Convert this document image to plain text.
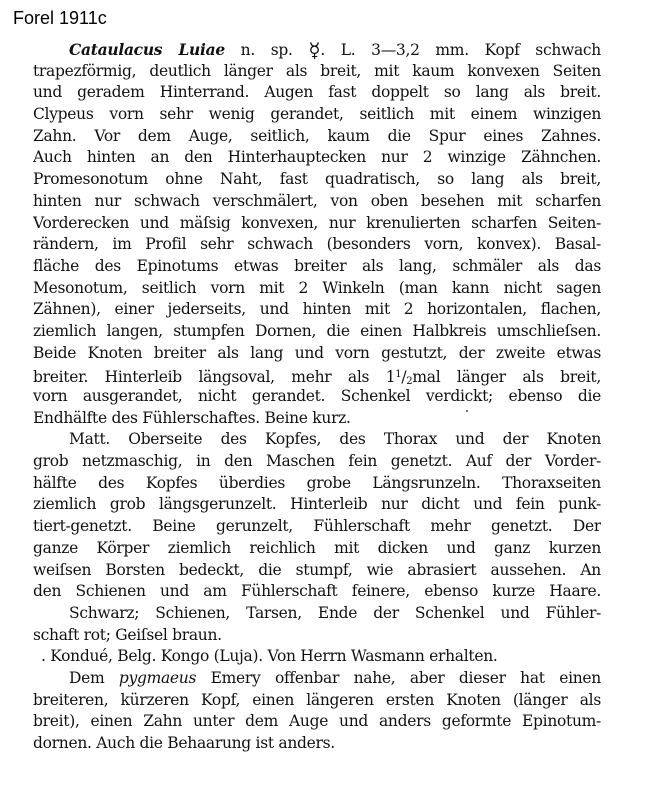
Forel 1911c
Cataulacus Luiae n. sp. ☿. L. 3—3,2 mm. Kopf schwach
trapezförmig, deutlich länger als breit, mit kaum konvexen Seiten
und geradem Hinterrand. Augen fast doppelt so lang als breit.
Clypeus vorn sehr wenig gerandet, seitlich mit einem winzigen
Zahn. Vor dem Auge, seitlich, kaum die Spur eines Zahnes.
Auch hinten an den Hinterhauptecken nur 2 winzige Zähnchen.
Promesonotum ohne Naht, fast quadratisch, so lang als breit,
hinten nur schwach verschmälert, von oben besehen mit scharfen
Vorderecken und mäſsig konvexen, nur krenulierten scharfen Seiten-
rändern, im Profil sehr schwach (besonders vorn, konvex). Basal-
fläche des Epinotums etwas breiter als lang, schmäler als das
Mesonotum, seitlich vorn mit 2 Winkeln (man kann nicht sagen
Zähnen), einer jederseits, und hinten mit 2 horizontalen, flachen,
ziemlich langen, stumpfen Dornen, die einen Halbkreis umschlieſsen.
Beide Knoten breiter als lang und vorn gestutzt, der zweite etwas
breiter. Hinterleib längsoval, mehr als $1^1/_2mal$ länger als breit,
vorn ausgerandet, nicht gerandet. Schenkel verdickt; ebenso die
Endhälfte des Fühlerschaftes. Beine kurz.
Matt. Oberseite des Kopfes, des Thorax und der Knoten
grob netzmaschig, in den Maschen fein genetzt. Auf der Vorder-
hälfte des Kopfes überdies grobe Längsrunzeln. Thoraxseiten
ziemlich grob längsgerunzelt. Hinterleib nur dicht und fein punk-
tiert-genetzt. Beine gerunzelt, Fühlerschaft mehr genetzt. Der
ganze Körper ziemlich reichlich mit dicken und ganz kurzen
weiſsen Borsten bedeckt, die stumpf, wie abrasiert aussehen. An
den Schienen und am Fühlerschaft feinere, ebenso kurze Haare.
Schwarz; Schienen, Tarsen, Ende der Schenkel und Fühler-
schaft rot; Geiſsel braun.
. Kondué, Belg. Kongo (Luja). Von Herrn Wasmann erhalten.
Dem pygmaeus Emery offenbar nahe, aber dieser hat einen
breiteren, kürzeren Kopf, einen längeren ersten Knoten (länger als
breit), einen Zahn unter dem Auge und anders geformte Epinotum-
dornen. Auch die Behaarung ist anders.
